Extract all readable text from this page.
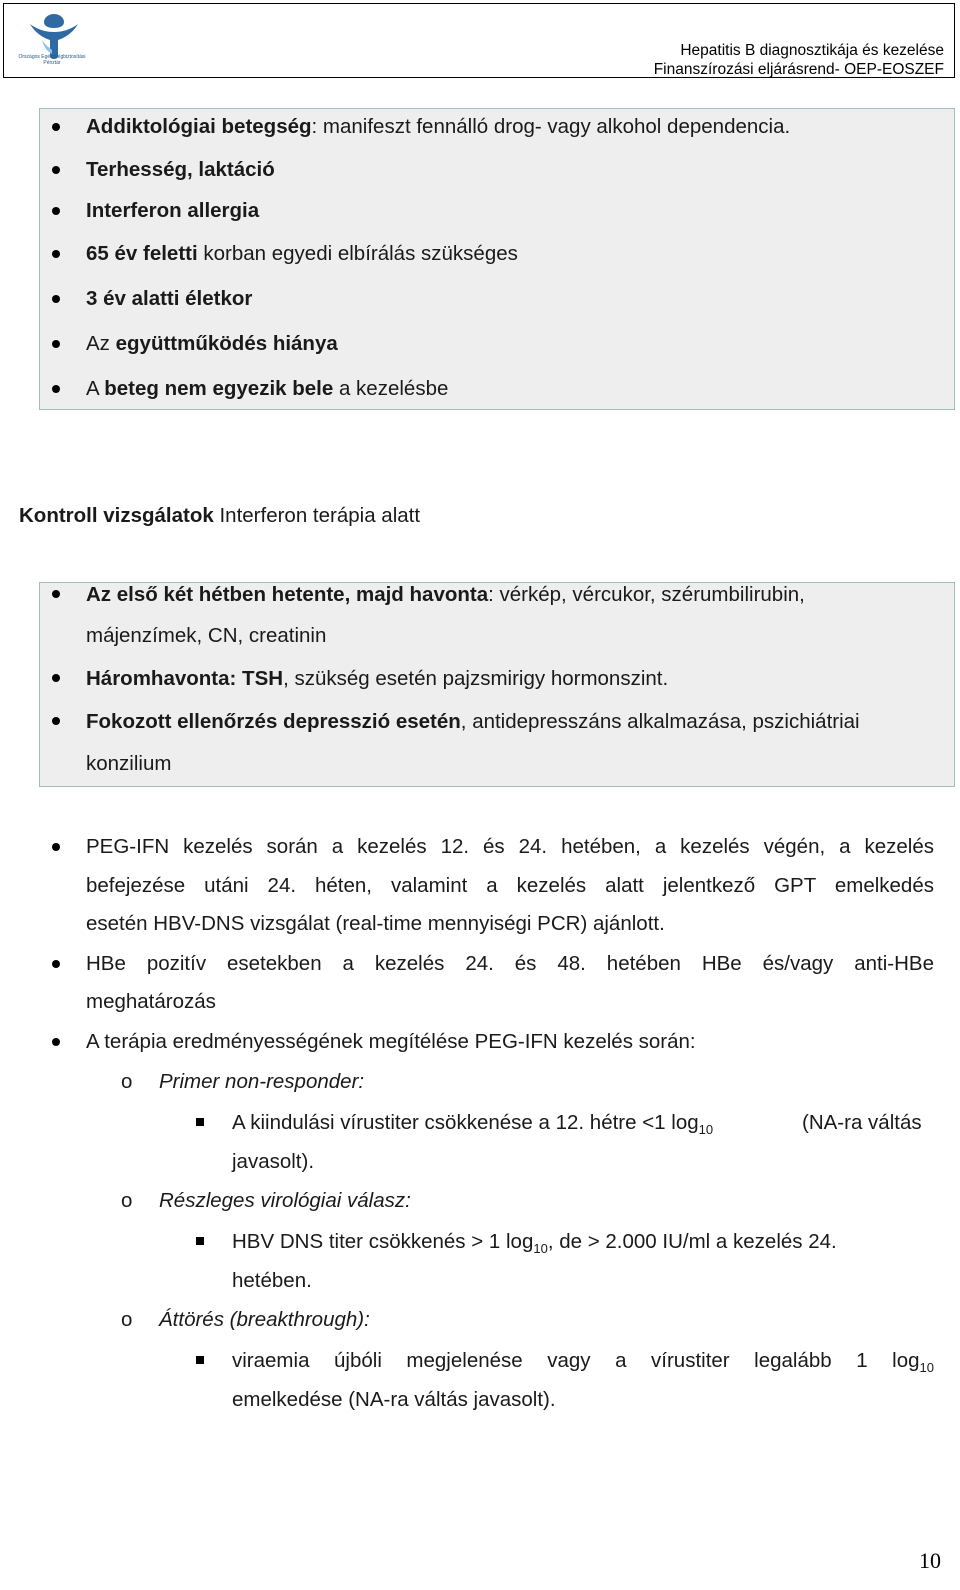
Országos Egészségbiztosítási Pénztár
Hepatitis B diagnosztikája és kezelése
Finanszírozási eljárásrend- OEP-EOSZEF
Addiktológiai betegség: manifeszt fennálló drog- vagy alkohol dependencia.
Terhesség, laktáció
Interferon allergia
65 év feletti korban egyedi elbírálás szükséges
3 év alatti életkor
Az együttműködés hiánya
A beteg nem egyezik bele a kezelésbe
Kontroll vizsgálatok Interferon terápia alatt
Az első két hétben hetente, majd havonta: vérkép, vércukor, szérumbilirubin,
májenzímek, CN, creatinin
Háromhavonta: TSH, szükség esetén pajzsmirigy hormonszint.
Fokozott ellenőrzés depresszió esetén, antidepresszáns alkalmazása, pszichiátriai
konzilium
PEG-IFN kezelés során a kezelés 12. és 24. hetében, a kezelés végén, a kezelés
befejezése utáni 24. héten, valamint a kezelés alatt jelentkező GPT emelkedés
esetén HBV-DNS vizsgálat (real-time mennyiségi PCR) ajánlott.
HBe pozitív esetekben a kezelés 24. és 48. hetében HBe és/vagy anti-HBe
meghatározás
A terápia eredményességének megítélése PEG-IFN kezelés során:
o Primer non-responder:
A kiindulási vírustiter csökkenése a 12. hétre <1 $\log_{10}$	(NA-ra váltás
javasolt).
o Részleges virológiai válasz:
HBV DNS titer csökkenés > 1 $\log_{10}$, de > 2.000 IU/ml a kezelés 24.
hetében.
o Áttörés (breakthrough):
viraemia újbóli megjelenése vagy a vírustiter legalább 1 $\log_{10}$
emelkedése (NA-ra váltás javasolt).
10
